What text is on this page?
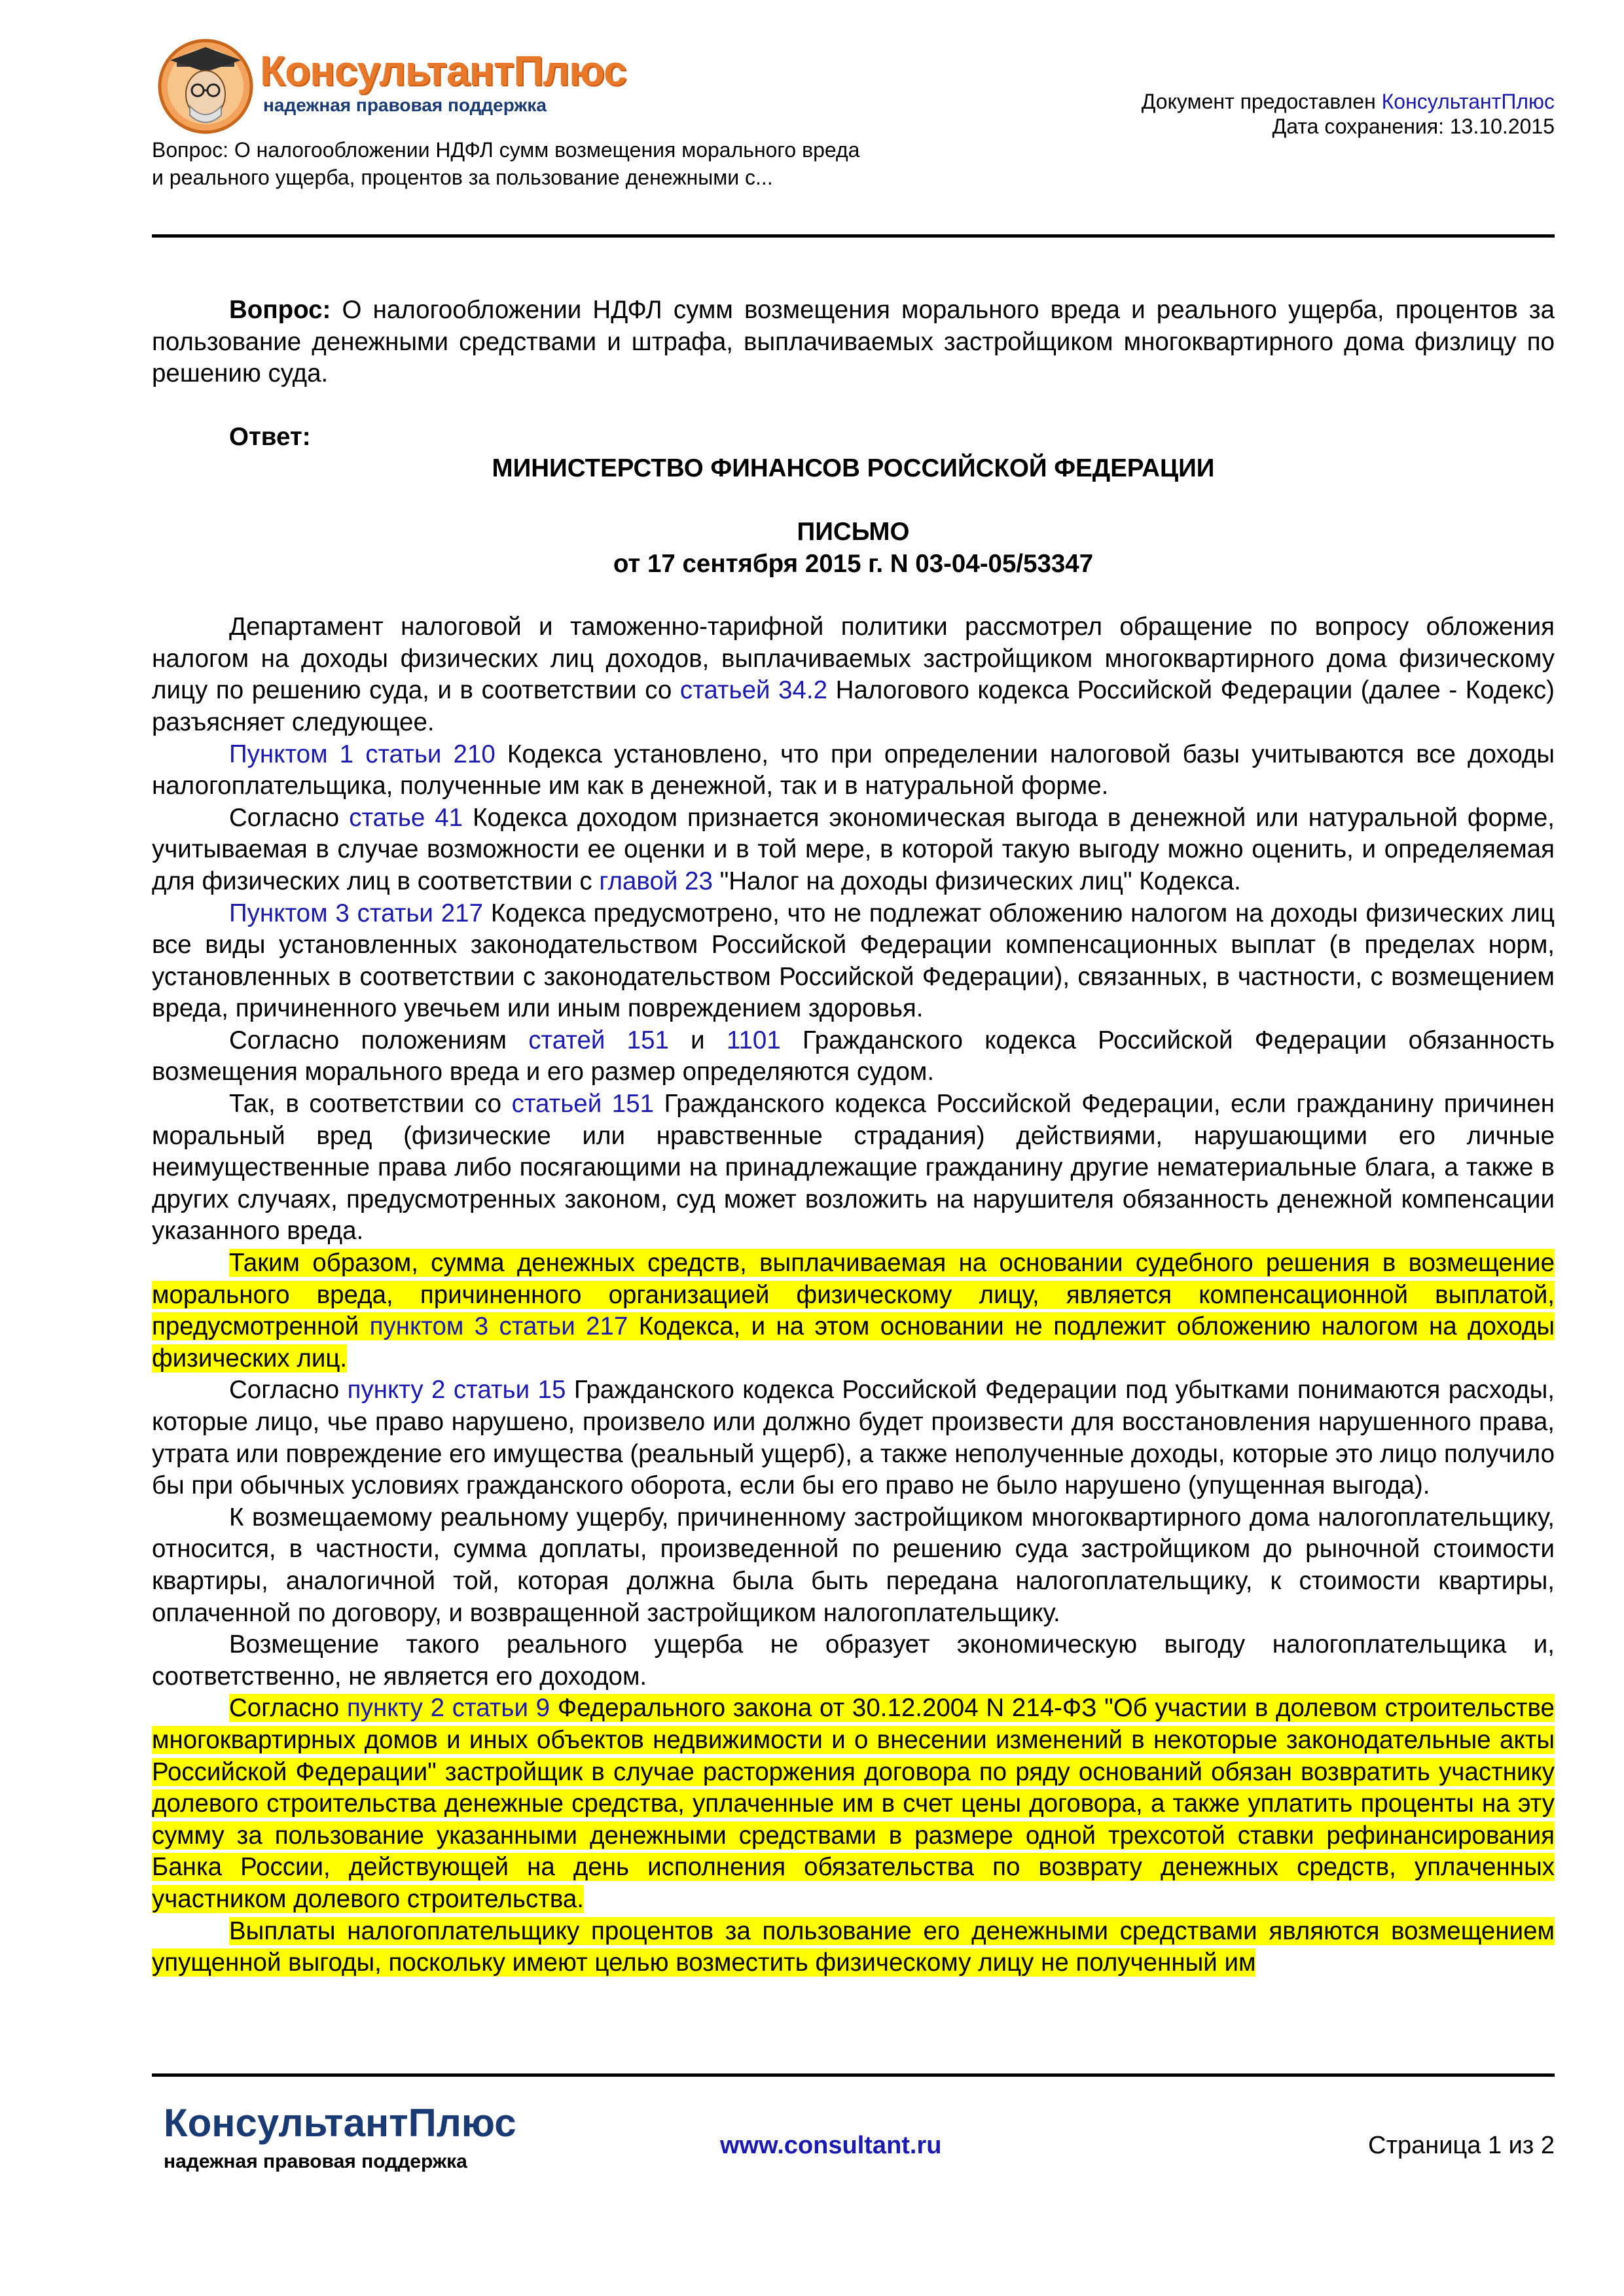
КонсультантПлюс
надежная правовая поддержка	Документ предоставлен КонсультантПлюс
Дата сохранения: 13.10.2015
Вопрос: О налогообложении НДФЛ сумм возмещения морального вреда
и реального ущерба, процентов за пользование денежными с...

Вопрос: О налогообложении НДФЛ сумм возмещения морального вреда и реального ущерба, процентов за пользование денежными средствами и штрафа, выплачиваемых застройщиком многоквартирного дома физлицу по решению суда.

Ответ:
МИНИСТЕРСТВО ФИНАНСОВ РОССИЙСКОЙ ФЕДЕРАЦИИ
ПИСЬМО
от 17 сентября 2015 г. N 03-04-05/53347

Департамент налоговой и таможенно-тарифной политики рассмотрел обращение по вопросу обложения налогом на доходы физических лиц доходов, выплачиваемых застройщиком многоквартирного дома физическому лицу по решению суда, и в соответствии со статьей 34.2 Налогового кодекса Российской Федерации (далее - Кодекс) разъясняет следующее.

Пунктом 1 статьи 210 Кодекса установлено, что при определении налоговой базы учитываются все доходы налогоплательщика, полученные им как в денежной, так и в натуральной форме.

Согласно статье 41 Кодекса доходом признается экономическая выгода в денежной или натуральной форме, учитываемая в случае возможности ее оценки и в той мере, в которой такую выгоду можно оценить, и определяемая для физических лиц в соответствии с главой 23 "Налог на доходы физических лиц" Кодекса.

Пунктом 3 статьи 217 Кодекса предусмотрено, что не подлежат обложению налогом на доходы физических лиц все виды установленных законодательством Российской Федерации компенсационных выплат (в пределах норм, установленных в соответствии с законодательством Российской Федерации), связанных, в частности, с возмещением вреда, причиненного увечьем или иным повреждением здоровья.

Согласно положениям статей 151 и 1101 Гражданского кодекса Российской Федерации обязанность возмещения морального вреда и его размер определяются судом.

Так, в соответствии со статьей 151 Гражданского кодекса Российской Федерации, если гражданину причинен моральный вред (физические или нравственные страдания) действиями, нарушающими его личные неимущественные права либо посягающими на принадлежащие гражданину другие нематериальные блага, а также в других случаях, предусмотренных законом, суд может возложить на нарушителя обязанность денежной компенсации указанного вреда.

Таким образом, сумма денежных средств, выплачиваемая на основании судебного решения в возмещение морального вреда, причиненного организацией физическому лицу, является компенсационной выплатой, предусмотренной пунктом 3 статьи 217 Кодекса, и на этом основании не подлежит обложению налогом на доходы физических лиц.

Согласно пункту 2 статьи 15 Гражданского кодекса Российской Федерации под убытками понимаются расходы, которые лицо, чье право нарушено, произвело или должно будет произвести для восстановления нарушенного права, утрата или повреждение его имущества (реальный ущерб), а также неполученные доходы, которые это лицо получило бы при обычных условиях гражданского оборота, если бы его право не было нарушено (упущенная выгода).

К возмещаемому реальному ущербу, причиненному застройщиком многоквартирного дома налогоплательщику, относится, в частности, сумма доплаты, произведенной по решению суда застройщиком до рыночной стоимости квартиры, аналогичной той, которая должна была быть передана налогоплательщику, к стоимости квартиры, оплаченной по договору, и возвращенной застройщиком налогоплательщику.

Возмещение такого реального ущерба не образует экономическую выгоду налогоплательщика и, соответственно, не является его доходом.

Согласно пункту 2 статьи 9 Федерального закона от 30.12.2004 N 214-ФЗ "Об участии в долевом строительстве многоквартирных домов и иных объектов недвижимости и о внесении изменений в некоторые законодательные акты Российской Федерации" застройщик в случае расторжения договора по ряду оснований обязан возвратить участнику долевого строительства денежные средства, уплаченные им в счет цены договора, а также уплатить проценты на эту сумму за пользование указанными денежными средствами в размере одной трехсотой ставки рефинансирования Банка России, действующей на день исполнения обязательства по возврату денежных средств, уплаченных участником долевого строительства.

Выплаты налогоплательщику процентов за пользование его денежными средствами являются возмещением упущенной выгоды, поскольку имеют целью возместить физическому лицу не полученный им

КонсультантПлюс
надежная правовая поддержка
www.consultant.ru	Страница 1 из 2
